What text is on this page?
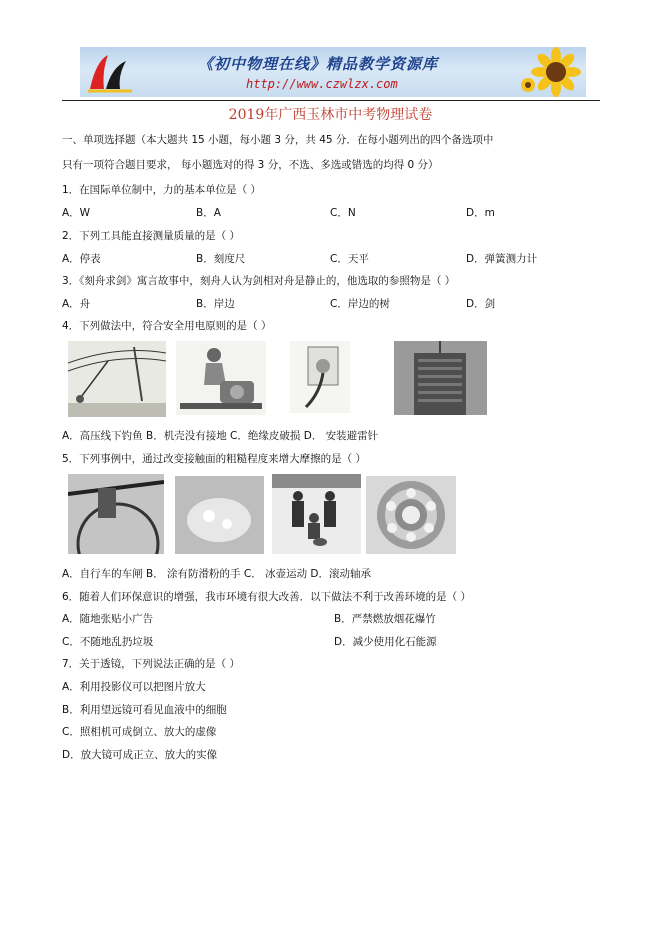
《初中物理在线》精品教学资源库
http://www.czwlzx.com
2019年广西玉林市中考物理试卷
一、单项选择题（本大题共 15 小题，每小题 3 分，共 45 分．在每小题列出的四个备选项中
只有一项符合题目要求， 每小题选对的得 3 分，不选、多选或错选的均得 0 分）
1．在国际单位制中，力的基本单位是（ ）
A．W	B．A	C．N	D．m
2．下列工具能直接测量质量的是（ ）
A．停表	B．刻度尺	C．天平	D．弹簧测力计
3．《刻舟求剑》寓言故事中，刻舟人认为剑相对舟是静止的，他选取的参照物是（ ）
A．舟	B．岸边	C．岸边的树	D．剑
4．下列做法中，符合安全用电原则的是（ ）
A．高压线下钓鱼 B．机壳没有接地 C．绝缘皮破损 D． 安装避雷针
5．下列事例中，通过改变接触面的粗糙程度来增大摩擦的是（ ）
A．自行车的车闸 B． 涂有防滑粉的手 C． 冰壶运动 D．滚动轴承
6．随着人们环保意识的增强，我市环境有很大改善．以下做法不利于改善环境的是（ ）
A．随地张贴小广告	B．严禁燃放烟花爆竹
C．不随地乱扔垃圾	D．减少使用化石能源
7．关于透镜，下列说法正确的是（ ）
A．利用投影仪可以把图片放大
B．利用望远镜可看见血液中的细胞
C．照相机可成倒立、放大的虚像
D．放大镜可成正立、放大的实像
